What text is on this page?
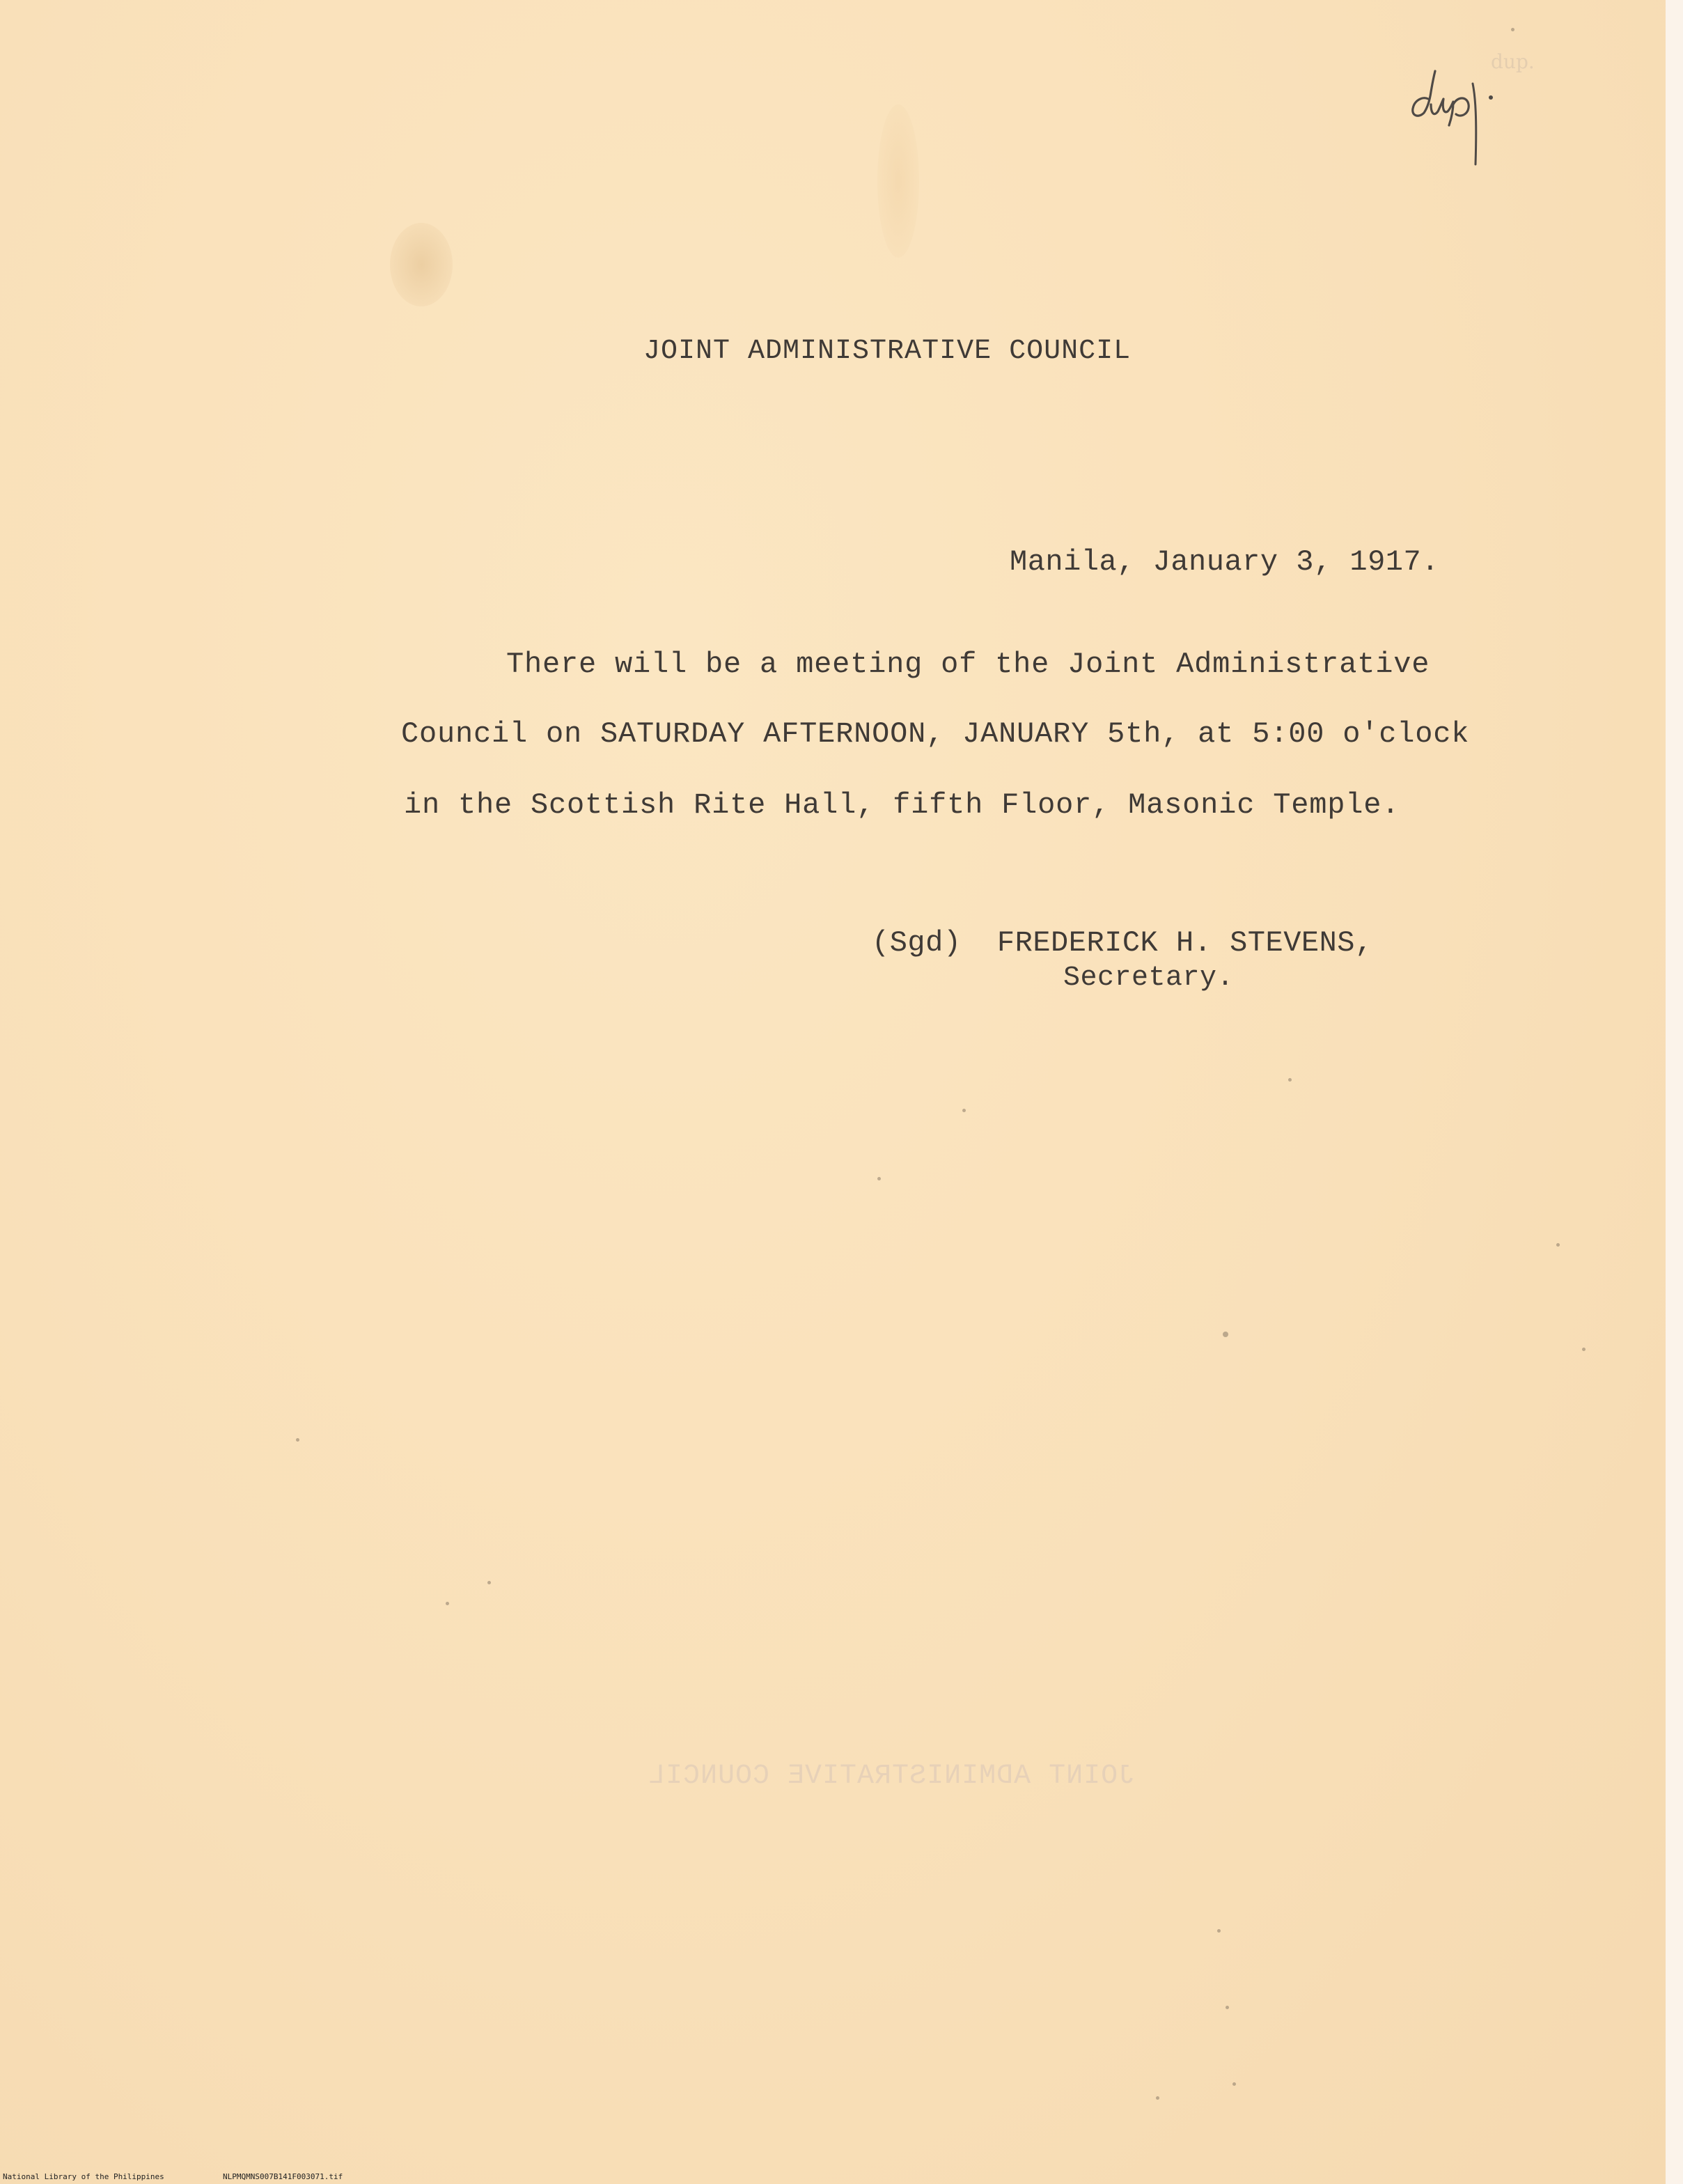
dup.
JOINT ADMINISTRATIVE COUNCIL
Manila, January 3, 1917.
There will be a meeting of the Joint Administrative
Council on SATURDAY AFTERNOON, JANUARY 5th, at 5:00 o'clock
in the Scottish Rite Hall, fifth Floor, Masonic Temple.
(Sgd)  FREDERICK H. STEVENS,
Secretary.
JOINT ADMINISTRATIVE COUNCIL
National Library of the Philippines	NLPMQMNS007B141F003071.tif
